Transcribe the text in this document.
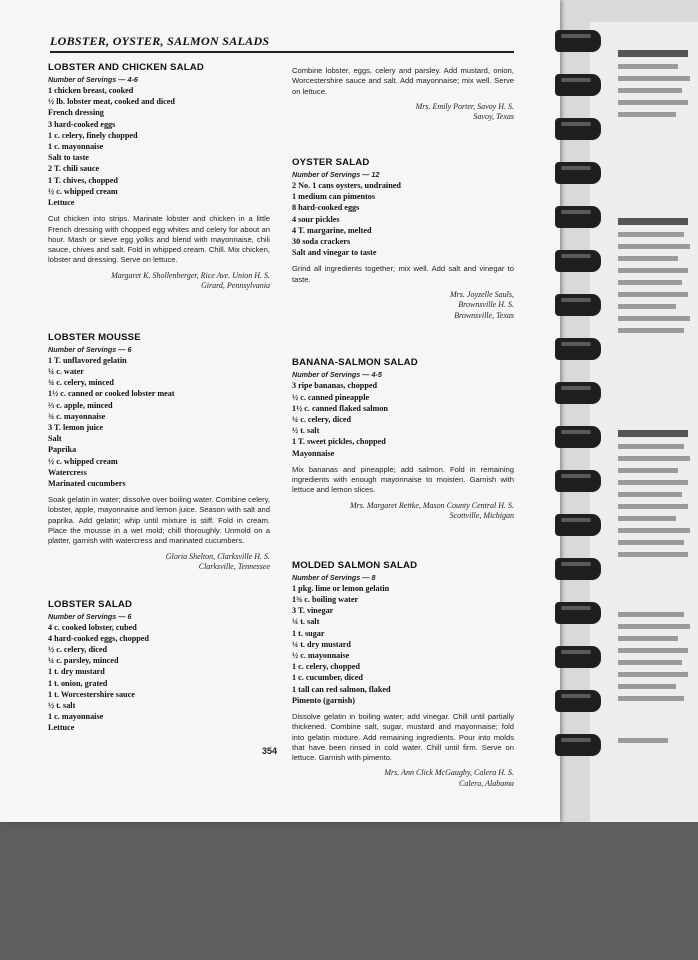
LOBSTER, OYSTER, SALMON SALADS
LOBSTER AND CHICKEN SALAD
Number of Servings — 4-6
1 chicken breast, cooked
½ lb. lobster meat, cooked and diced
French dressing
3 hard-cooked eggs
1 c. celery, finely chopped
1 c. mayonnaise
Salt to taste
2 T. chili sauce
1 T. chives, chopped
½ c. whipped cream
Lettuce

Cut chicken into strips. Marinate lobster and chicken in a little French dressing with chopped egg whites and celery for about an hour. Mash or sieve egg yolks and blend with mayonnaise, chili sauce, chives and salt. Fold in whipped cream. Chill. Mix chicken, lobster and dressing. Serve on lettuce.

Margaret K. Shollenberger, Rice Ave. Union H. S.
Girard, Pennsylvania
LOBSTER MOUSSE
Number of Servings — 6
1 T. unflavored gelatin
¼ c. water
¾ c. celery, minced
1½ c. canned or cooked lobster meat
⅔ c. apple, minced
¾ c. mayonnaise
3 T. lemon juice
Salt
Paprika
½ c. whipped cream
Watercress
Marinated cucumbers

Soak gelatin in water; dissolve over boiling water. Combine celery, lobster, apple, mayonnaise and lemon juice. Season with salt and paprika. Add gelatin; whip until mixture is stiff. Fold in cream. Place the mousse in a wet mold; chill thoroughly. Unmold on a platter, garnish with watercress and marinated cucumbers.

Gloria Shelton, Clarksville H. S.
Clarksville, Tennessee
LOBSTER SALAD
Number of Servings — 6
4 c. cooked lobster, cubed
4 hard-cooked eggs, chopped
½ c. celery, diced
¼ c. parsley, minced
1 t. dry mustard
1 t. onion, grated
1 t. Worcestershire sauce
½ t. salt
1 c. mayonnaise
Lettuce

Combine lobster, eggs, celery and parsley. Add mustard, onion, Worcestershire sauce and salt. Add mayonnaise; mix well. Serve on lettuce.

Mrs. Emily Porter, Savoy H. S.
Savoy, Texas
OYSTER SALAD
Number of Servings — 12
2 No. 1 cans oysters, undrained
1 medium can pimentos
8 hard-cooked eggs
4 sour pickles
4 T. margarine, melted
30 soda crackers
Salt and vinegar to taste

Grind all ingredients together; mix well. Add salt and vinegar to taste.

Mrs. Joyzelle Sauls,
Brownsville H. S.
Brownsville, Texas
BANANA-SALMON SALAD
Number of Servings — 4-5
3 ripe bananas, chopped
½ c. canned pineapple
1½ c. canned flaked salmon
¼ c. celery, diced
½ t. salt
1 T. sweet pickles, chopped
Mayonnaise

Mix bananas and pineapple; add salmon. Fold in remaining ingredients with enough mayonnaise to moisten. Garnish with lettuce and lemon slices.

Mrs. Margaret Rettke, Mason County Central H. S.
Scottville, Michigan
MOLDED SALMON SALAD
Number of Servings — 8
1 pkg. lime or lemon gelatin
1¾ c. boiling water
3 T. vinegar
¼ t. salt
1 t. sugar
¼ t. dry mustard
½ c. mayonnaise
1 c. celery, chopped
1 c. cucumber, diced
1 tall can red salmon, flaked
Pimento (garnish)

Dissolve gelatin in boiling water; add vinegar. Chill until partially thickened. Combine salt, sugar, mustard and mayonnaise; fold into gelatin mixture. Add remaining ingredients. Pour into molds that have been rinsed in cold water. Chill until firm. Serve on lettuce. Garnish with pimento.

Mrs. Ann Click McGaughy, Calera H. S.
Calera, Alabama
354
